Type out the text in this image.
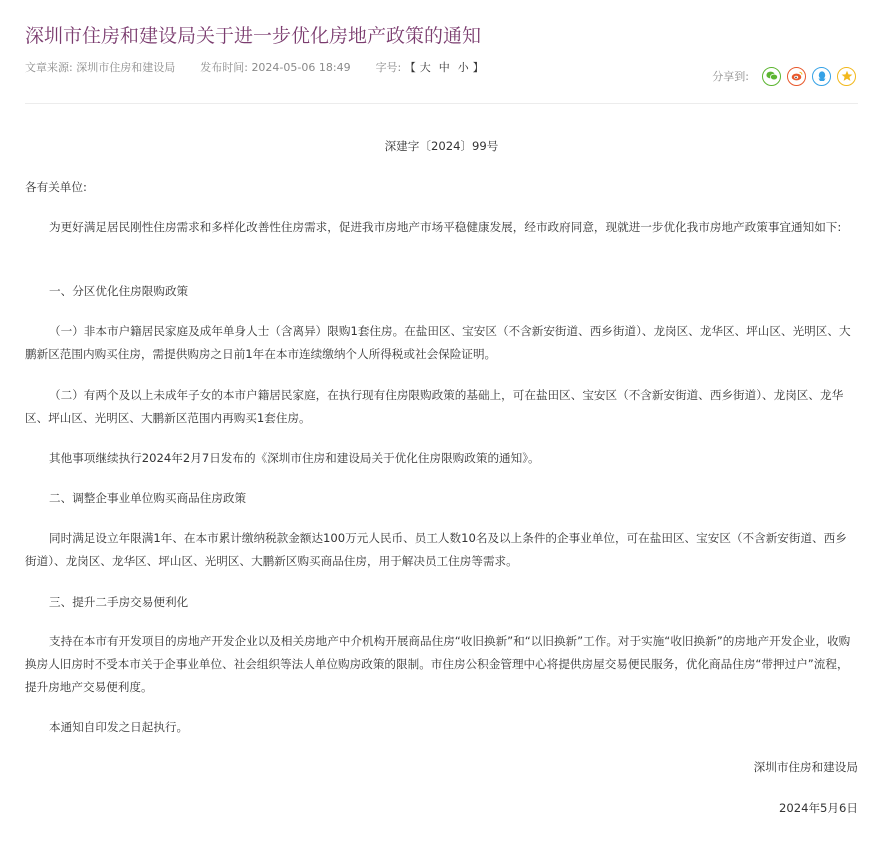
深圳市住房和建设局关于进一步优化房地产政策的通知
文章来源: 深圳市住房和建设局 发布时间: 2024-05-06 18:49 字号: 【 大 中 小 】
分享到:

深建字〔2024〕99号

各有关单位:

为更好满足居民刚性住房需求和多样化改善性住房需求，促进我市房地产市场平稳健康发展，经市政府同意，现就进一步优化我市房地产政策事宜通知如下:

一、分区优化住房限购政策

（一）非本市户籍居民家庭及成年单身人士（含离异）限购1套住房。在盐田区、宝安区（不含新安街道、西乡街道）、龙岗区、龙华区、坪山区、光明区、大鹏新区范围内购买住房，需提供购房之日前1年在本市连续缴纳个人所得税或社会保险证明。

（二）有两个及以上未成年子女的本市户籍居民家庭，在执行现有住房限购政策的基础上，可在盐田区、宝安区（不含新安街道、西乡街道）、龙岗区、龙华区、坪山区、光明区、大鹏新区范围内再购买1套住房。

其他事项继续执行2024年2月7日发布的《深圳市住房和建设局关于优化住房限购政策的通知》。

二、调整企事业单位购买商品住房政策

同时满足设立年限满1年、在本市累计缴纳税款金额达100万元人民币、员工人数10名及以上条件的企事业单位，可在盐田区、宝安区（不含新安街道、西乡街道）、龙岗区、龙华区、坪山区、光明区、大鹏新区购买商品住房，用于解决员工住房等需求。

三、提升二手房交易便利化

支持在本市有开发项目的房地产开发企业以及相关房地产中介机构开展商品住房“收旧换新”和“以旧换新”工作。对于实施“收旧换新”的房地产开发企业，收购换房人旧房时不受本市关于企事业单位、社会组织等法人单位购房政策的限制。市住房公积金管理中心将提供房屋交易便民服务，优化商品住房“带押过户”流程，提升房地产交易便利度。

本通知自印发之日起执行。

深圳市住房和建设局

2024年5月6日
